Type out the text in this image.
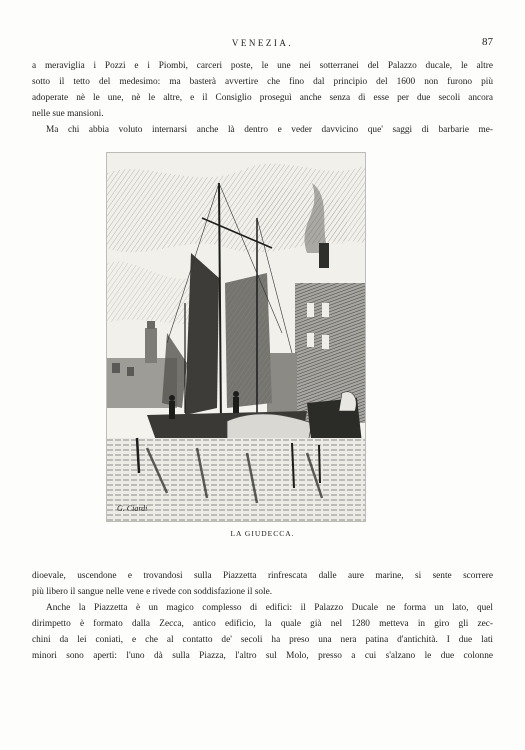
VENEZIA.	87
a meraviglia i Pozzi e i Piombi, carceri poste, le une nei sotterranei del Palazzo ducale, le altre
sotto il tetto del medesimo: ma basterà avvertire che fino dal principio del 1600 non furono più
adoperate nè le une, nè le altre, e il Consiglio proseguì anche senza di esse per due secoli ancora
nelle sue mansioni.
Ma chi abbia voluto internarsi anche là dentro e veder davvicino que' saggi di barbarie me-
G. Ciardi
LA GIUDECCA.
dioevale, uscendone e trovandosi sulla Piazzetta rinfrescata dalle aure marine, si sente scorrere
più libero il sangue nelle vene e rivede con soddisfazione il sole.
Anche la Piazzetta è un magico complesso di edifici: il Palazzo Ducale ne forma un lato, quel
dirimpetto è formato dalla Zecca, antico edificio, la quale già nel 1280 metteva in giro gli zec-
chini da lei coniati, e che al contatto de' secoli ha preso una nera patina d'antichità. I due lati
minori sono aperti: l'uno dà sulla Piazza, l'altro sul Molo, presso a cui s'alzano le due colonne
